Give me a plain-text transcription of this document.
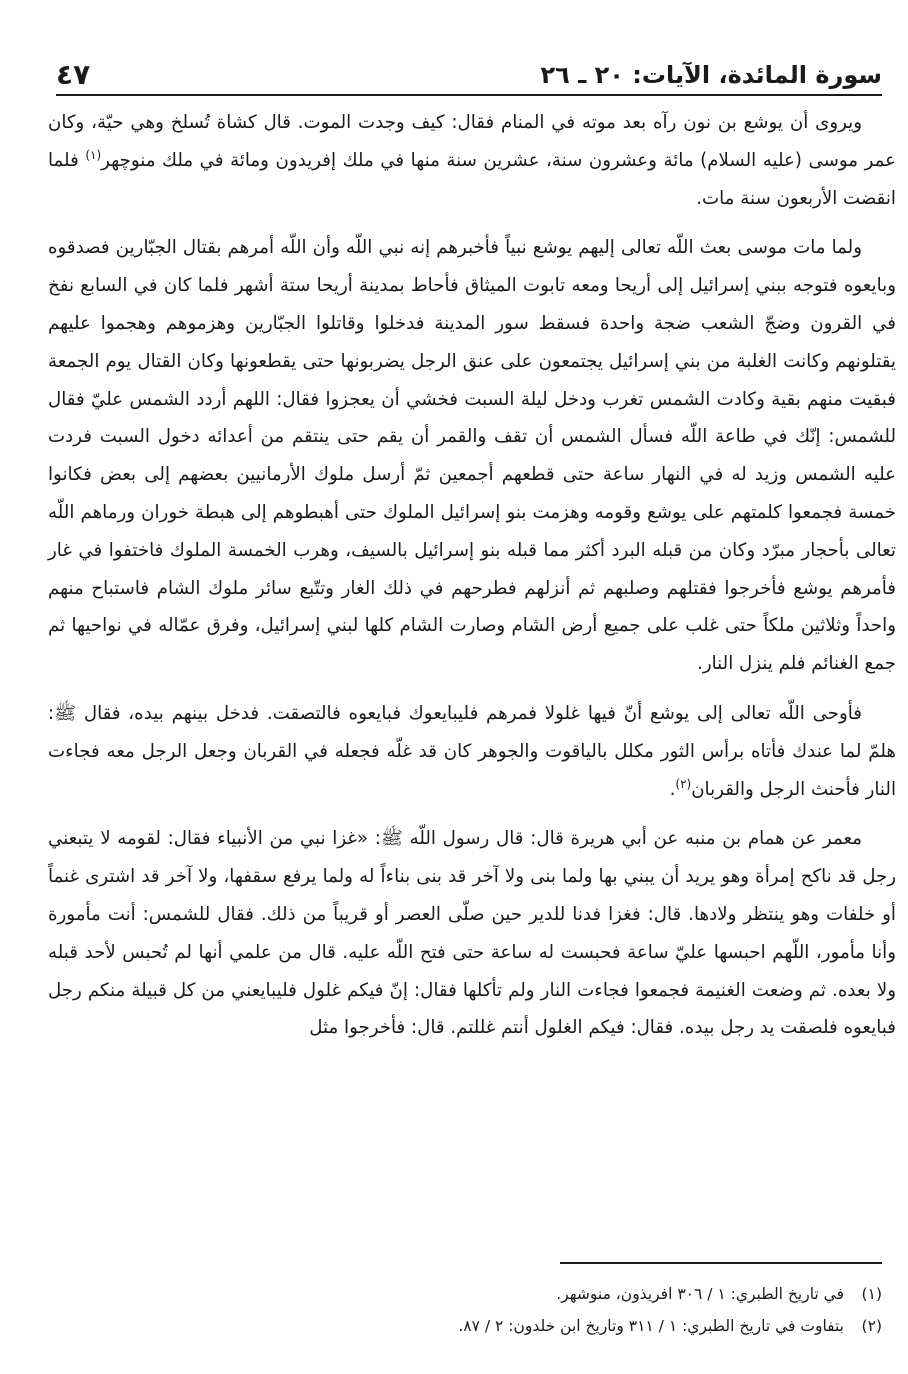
سورة المائدة، الآيات: ٢٠ ـ ٢٦
٤٧

ويروى أن يوشع بن نون رآه بعد موته في المنام فقال: كيف وجدت الموت. قال كشاة تُسلخ وهي حيّة، وكان عمر موسى (عليه السلام) مائة وعشرون سنة، عشرين سنة منها في ملك إفريدون ومائة في ملك منوچهر$^{(١)}$ فلما انقضت الأربعون سنة مات.

ولما مات موسى بعث اللّه تعالى إليهم يوشع نبياً فأخبرهم إنه نبي اللّه وأن اللّه أمرهم بقتال الجبّارين فصدقوه وبايعوه فتوجه ببني إسرائيل إلى أريحا ومعه تابوت الميثاق فأحاط بمدينة أريحا ستة أشهر فلما كان في السابع نفخ في القرون وضجّ الشعب ضجة واحدة فسقط سور المدينة فدخلوا وقاتلوا الجبّارين وهزموهم وهجموا عليهم يقتلونهم وكانت الغلبة من بني إسرائيل يجتمعون على عنق الرجل يضربونها حتى يقطعونها وكان القتال يوم الجمعة فبقيت منهم بقية وكادت الشمس تغرب ودخل ليلة السبت فخشي أن يعجزوا فقال: اللهم أردد الشمس عليّ فقال للشمس: إنّك في طاعة اللّه فسأل الشمس أن تقف والقمر أن يقم حتى ينتقم من أعدائه دخول السبت فردت عليه الشمس وزيد له في النهار ساعة حتى قطعهم أجمعين ثمّ أرسل ملوك الأرمانيين بعضهم إلى بعض فكانوا خمسة فجمعوا كلمتهم على يوشع وقومه وهزمت بنو إسرائيل الملوك حتى أهبطوهم إلى هبطة خوران ورماهم اللّه تعالى بأحجار مبرّد وكان من قبله البرد أكثر مما قبله بنو إسرائيل بالسيف، وهرب الخمسة الملوك فاختفوا في غار فأمرهم يوشع فأخرجوا فقتلهم وصلبهم ثم أنزلهم فطرحهم في ذلك الغار وتتّبع سائر ملوك الشام فاستباح منهم واحداً وثلاثين ملكاً حتى غلب على جميع أرض الشام وصارت الشام كلها لبني إسرائيل، وفرق عمّاله في نواحيها ثم جمع الغنائم فلم ينزل النار.

فأوحى اللّه تعالى إلى يوشع أنّ فيها غلولا فمرهم فليبايعوك فبايعوه فالتصقت. فدخل بينهم بيده، فقال ﷺ: هلمّ لما عندك فأتاه برأس الثور مكلل بالياقوت والجوهر كان قد غلّه فجعله في القربان وجعل الرجل معه فجاءت النار فأحنث الرجل والقربان$^{(٢)}$.

معمر عن همام بن منبه عن أبي هريرة قال: قال رسول اللّه ﷺ: «غزا نبي من الأنبياء فقال: لقومه لا يتبعني رجل قد ناكح إمرأة وهو يريد أن يبني بها ولما بنى ولا آخر قد بنى بناءاً له ولما يرفع سقفها، ولا آخر قد اشترى غنماً أو خلفات وهو ينتظر ولادها. قال: فغزا فدنا للدير حين صلّى العصر أو قريباً من ذلك. فقال للشمس: أنت مأمورة وأنا مأمور، اللّهم احبسها عليّ ساعة فحبست له ساعة حتى فتح اللّه عليه. قال من علمي أنها لم تُحبس لأحد قبله ولا بعده. ثم وضعت الغنيمة فجمعوا فجاءت النار ولم تأكلها فقال: إنّ فيكم غلول فليبايعني من كل قبيلة منكم رجل فبايعوه فلصقت يد رجل بيده. فقال: فيكم الغلول أنتم غللتم. قال: فأخرجوا مثل

(١)
في تاريخ الطبري: ١ / ٣٠٦ افريذون، منوشهر.
(٢)
بتفاوت في تاريخ الطبري: ١ / ٣١١ وتاريخ ابن خلدون: ٢ / ٨٧.
